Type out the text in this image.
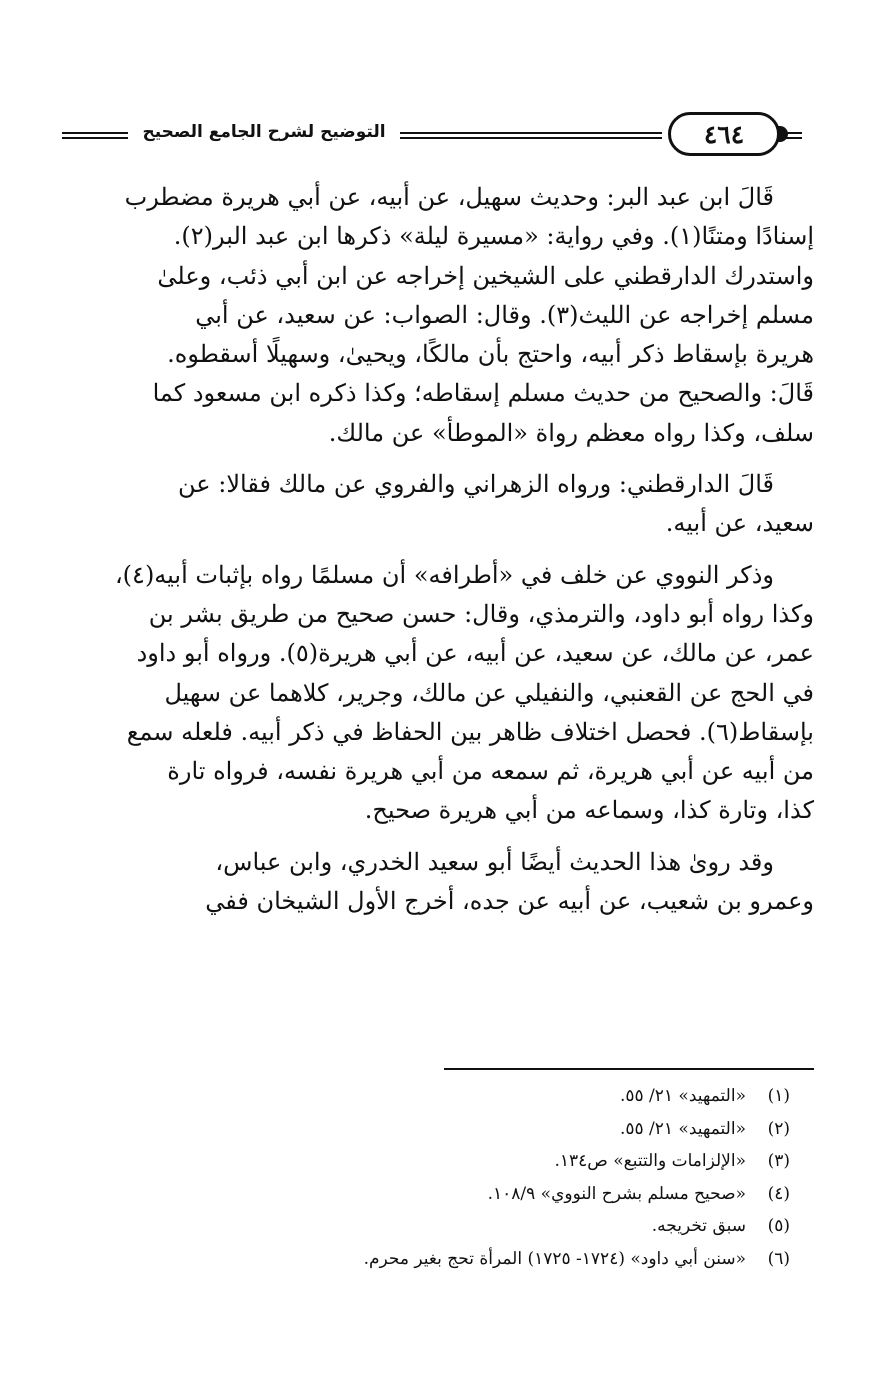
التوضيح لشرح الجامع الصحيح	٤٦٤

قَالَ ابن عبد البر: وحديث سهيل، عن أبيه، عن أبي هريرة مضطرب
إسنادًا ومتنًا(١). وفي رواية: «مسيرة ليلة» ذكرها ابن عبد البر(٢).
واستدرك الدارقطني على الشيخين إخراجه عن ابن أبي ذئب، وعلىٰ
مسلم إخراجه عن الليث(٣). وقال: الصواب: عن سعيد، عن أبي
هريرة بإسقاط ذكر أبيه، واحتج بأن مالكًا، ويحيىٰ، وسهيلًا أسقطوه.
قَالَ: والصحيح من حديث مسلم إسقاطه؛ وكذا ذكره ابن مسعود كما
سلف، وكذا رواه معظم رواة «الموطأ» عن مالك.

قَالَ الدارقطني: ورواه الزهراني والفروي عن مالك فقالا: عن
سعيد، عن أبيه.

وذكر النووي عن خلف في «أطرافه» أن مسلمًا رواه بإثبات أبيه(٤)،
وكذا رواه أبو داود، والترمذي، وقال: حسن صحيح من طريق بشر بن
عمر، عن مالك، عن سعيد، عن أبيه، عن أبي هريرة(٥). ورواه أبو داود
في الحج عن القعنبي، والنفيلي عن مالك، وجرير، كلاهما عن سهيل
بإسقاط(٦). فحصل اختلاف ظاهر بين الحفاظ في ذكر أبيه. فلعله سمع
من أبيه عن أبي هريرة، ثم سمعه من أبي هريرة نفسه، فرواه تارة
كذا، وتارة كذا، وسماعه من أبي هريرة صحيح.

وقد روىٰ هذا الحديث أيضًا أبو سعيد الخدري، وابن عباس،
وعمرو بن شعيب، عن أبيه عن جده، أخرج الأول الشيخان ففي

(١)
«التمهيد» ٢١/ ٥٥.
(٢)
«التمهيد» ٢١/ ٥٥.
(٣)
«الإلزامات والتتبع» ص١٣٤.
(٤)
«صحيح مسلم بشرح النووي» ١٠٨/٩.
(٥)
سبق تخريجه.
(٦)
«سنن أبي داود» (١٧٢٤- ١٧٢٥) المرأة تحج بغير محرم.
